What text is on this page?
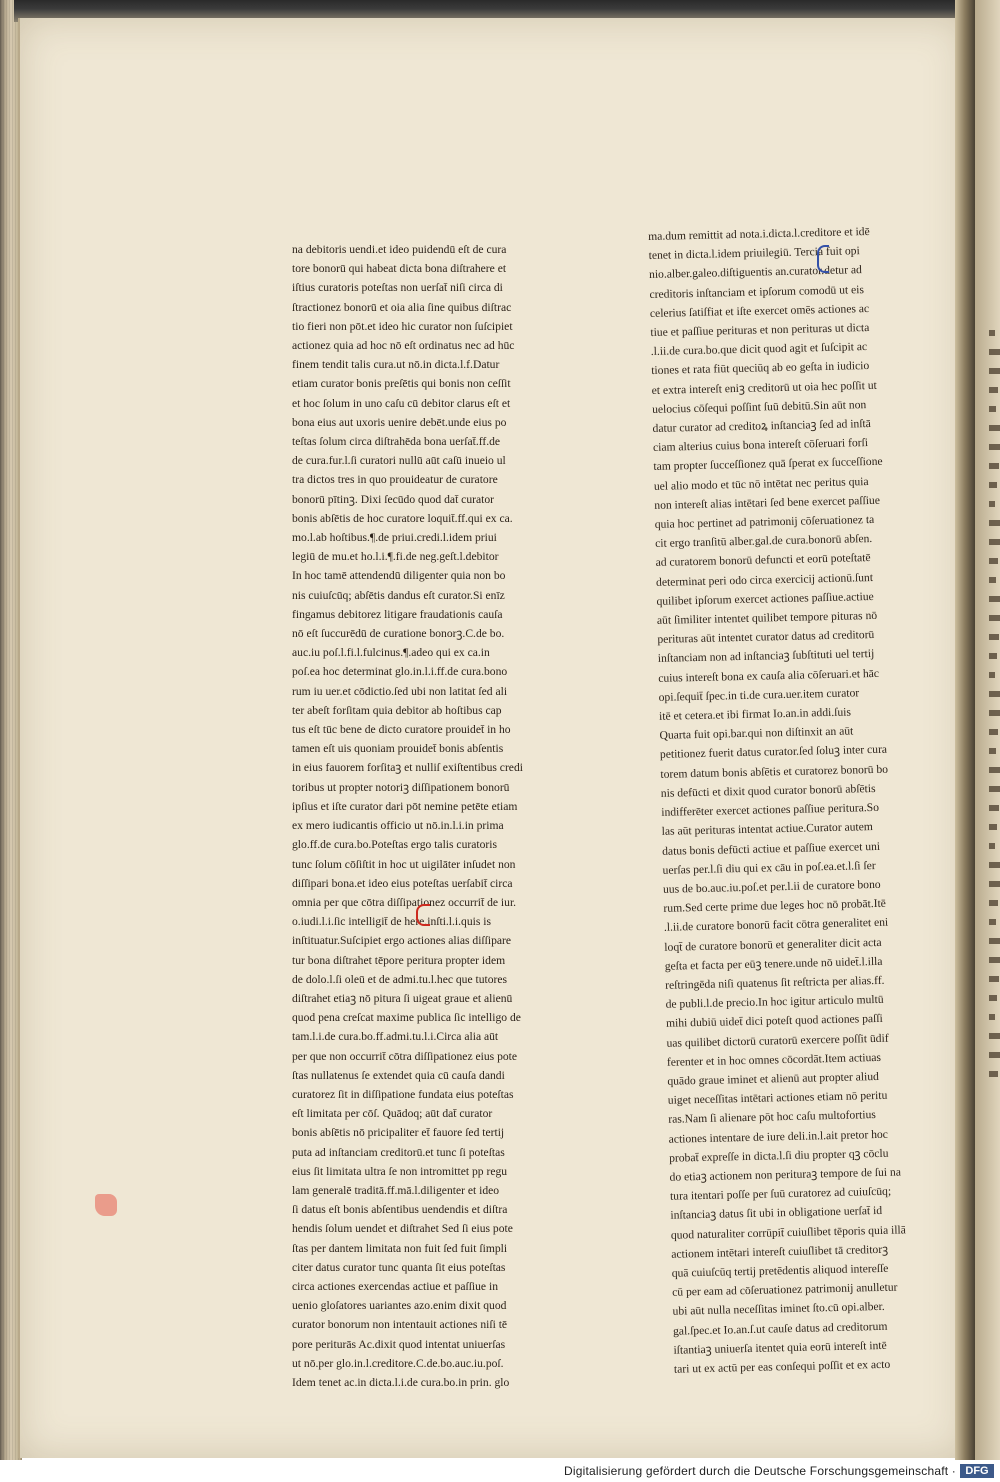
na debitoris uendi.et ideo puidendū eſt de cura
tore bonorū qui habeat dicta bona diſtrahere et
iſtius curatoris poteſtas non uerſat̄ niſi circa di
ſtractionez bonorū et oia alia ſine quibus diſtrac
tio fieri non pōt.et ideo hic curator non ſuſcipiet
actionez quia ad hoc nō eſt ordinatus nec ad hūc
finem tendit talis cura.ut nō.in dicta.l.f.Datur
etiam curator bonis preſētis qui bonis non ceſſit
et hoc ſolum in uno caſu cū debitor clarus eſt et
bona eius aut uxoris uenire debēt.unde eius po
teſtas ſolum circa diſtrahēda bona uerſat̄.ff.de
de cura.fur.l.ſi curatori nullū aūt caſū inueio ul
tra dictos tres in quo prouideatur de curatore
bonorū pītinꝫ. Dixi ſecūdo quod dat̄ curator
bonis abſētis de hoc curatore loquit̄.ff.qui ex ca.
mo.l.ab hoſtibus.¶.de priui.credi.l.idem priui
legiū de mu.et ho.l.i.¶.fi.de neg.geſt.l.debitor
In hoc tamē attendendū diligenter quia non bo
nis cuiuſcūq; abſētis dandus eſt curator.Si enīz
fingamus debitorez litigare fraudationis cauſa
nō eſt ſuccurēdū de curatione bonorꝫ.C.de bo.
auc.iu poſ.l.fi.l.fulcinus.¶.adeo qui ex ca.in
poſ.ea hoc determinat glo.in.l.i.ff.de cura.bono
rum iu uer.et cōdictio.ſed ubi non latitat ſed ali
ter abeſt forſitam quia debitor ab hoſtibus cap
tus eſt tūc bene de dicto curatore prouidet̄ in ho
tamen eſt uis quoniam prouidet̄ bonis abſentis
in eius fauorem forſitaꝫ et nulliſ exiſtentibus credi
toribus ut propter notoriꝫ diſſipationem bonorū
ipſius et iſte curator dari pōt nemine petēte etiam
ex mero iudicantis officio ut nō.in.l.i.in prima
glo.ff.de cura.bo.Poteſtas ergo talis curatoris
tunc ſolum cōſiſtit in hoc ut uigilāter inſudet non
diſſipari bona.et ideo eius poteſtas uerſabit̄ circa
omnia per que cōtra diſſipationez occurrit̄ de iur.
o.iudi.l.i.ſic intelligit̄ de here.inſti.l.i.quis is
inſtituatur.Suſcipiet ergo actiones alias diſſipare
tur bona diſtrahet tēpore peritura propter idem
de dolo.l.ſi oleū et de admi.tu.l.hec que tutores
diſtrahet etiaꝫ nō pitura ſi uigeat graue et alienū
quod pena creſcat maxime publica ſic intelligo de
tam.l.i.de cura.bo.ff.admi.tu.l.i.Circa alia aūt
per que non occurrit̄ cōtra diſſipationez eius pote
ſtas nullatenus ſe extendet quia cū cauſa dandi
curatorez ſit in diſſipatione fundata eius poteſtas
eſt limitata per cōſ. Quādoq; aūt dat̄ curator
bonis abſētis nō pricipaliter et̄ fauore ſed tertij
puta ad inſtanciam creditorū.et tunc ſi poteſtas
eius ſit limitata ultra ſe non intromittet pp regu
lam generalē traditā.ff.mā.l.diligenter et ideo
ſi datus eſt bonis abſentibus uendendis et diſtra
hendis ſolum uendet et diſtrahet Sed ſi eius pote
ſtas per dantem limitata non fuit ſed fuit ſimpli
citer datus curator tunc quanta ſit eius poteſtas
circa actiones exercendas actiue et paſſiue in
uenio gloſatores uariantes azo.enim dixit quod
curator bonorum non intentauit actiones niſi tē
pore periturās Ac.dixit quod intentat uniuerſas
ut nō.per glo.in.l.creditore.C.de.bo.auc.iu.poſ.
Idem tenet ac.in dicta.l.i.de cura.bo.in prin. glo
ma.dum remittit ad nota.i.dicta.l.creditore et idē
tenet in dicta.l.idem priuilegiū. Tercia fuit opi
nio.alber.galeo.diſtiguentis an.curator.detur ad
creditoris inſtanciam et ipſorum comodū ut eis
celerius ſatiſfiat et iſte exercet omēs actiones ac
tiue et paſſiue perituras et non perituras ut dicta
.l.ii.de cura.bo.que dicit quod agit et ſuſcipit ac
tiones et rata fiūt queciūq ab eo geſta in iudicio
et extra intereſt eniꝫ creditorū ut oia hec poſſit ut
uelocius cōſequi poſſint ſuū debitū.Sin aūt non
datur curator ad creditoꝝ inſtanciaꝫ ſed ad inſtā
ciam alterius cuius bona intereſt cōſeruari forſi
tam propter ſucceſſionez quā ſperat ex ſucceſſione
uel alio modo et tūc nō intētat nec peritus quia
non intereſt alias intētari ſed bene exercet paſſiue
quia hoc pertinet ad patrimonij cōſeruationez ta
cit ergo tranſitū alber.gal.de cura.bonorū abſen.
ad curatorem bonorū defuncti et eorū poteſtatē
determinat peri odo circa exercicij actionū.ſunt
quilibet ipſorum exercet actiones paſſiue.actiue
aūt ſimiliter intentet quilibet tempore pituras nō
perituras aūt intentet curator datus ad creditorū
inſtanciam non ad inſtanciaꝫ ſubſtituti uel tertij
cuius intereſt bona ex cauſa alia cōſeruari.et hāc
opi.ſequit̄ ſpec.in ti.de cura.uer.item curator
itē et cetera.et ibi firmat Io.an.in addi.ſuis
Quarta fuit opi.bar.qui non diſtinxit an aūt
petitionez fuerit datus curator.ſed ſoluꝫ inter cura
torem datum bonis abſētis et curatorez bonorū bo
nis defūcti et dixit quod curator bonorū abſētis
indifferēter exercet actiones paſſiue peritura.So
las aūt perituras intentat actiue.Curator autem
datus bonis defūcti actiue et paſſiue exercet uni
uerſas per.l.ſi diu qui ex cāu in poſ.ea.et.l.ſi ſer
uus de bo.auc.iu.poſ.et per.l.ii de curatore bono
rum.Sed certe prime due leges hoc nō probāt.Itē
.l.ii.de curatore bonorū facit cōtra generalitet eni
loqt̄ de curatore bonorū et generaliter dicit acta
geſta et facta per eūꝫ tenere.unde nō uidet̄.l.illa
reſtringēda niſi quatenus ſit reſtricta per alias.ff.
de publi.l.de precio.In hoc igitur articulo multū
mihi dubiū uidet̄ dici poteſt quod actiones paſſi
uas quilibet dictorū curatorū exercere poſſit ūdif
ferenter et in hoc omnes cōcordāt.Item actiuas
quādo graue iminet et alienū aut propter aliud
uiget neceſſitas intētari actiones etiam nō peritu
ras.Nam ſi alienare pōt hoc caſu multofortius
actiones intentare de iure deli.in.l.ait pretor hoc
probat̄ expreſſe in dicta.l.ſi diu propter qꝫ cōclu
do etiaꝫ actionem non perituraꝫ tempore de ſui na
tura itentari poſſe per ſuū curatorez ad cuiuſcūq;
inſtanciaꝫ datus ſit ubi in obligatione uerſat̄ id
quod naturaliter corrūpit̄ cuiuſlibet tēporis quia illā
actionem intētari intereſt cuiuſlibet tā creditorꝫ
quā cuiuſcūq tertij pretēdentis aliquod intereſſe
cū per eam ad cōſeruationez patrimonij anulletur
ubi aūt nulla neceſſitas iminet ſto.cū opi.alber.
gal.ſpec.et Io.an.ſ.ut cauſe datus ad creditorum
iſtantiaꝫ uniuerſa itentet quia eorū intereſt intē
tari ut ex actū per eas conſequi poſſit et ex acto
Digitalisierung gefördert durch die Deutsche Forschungsgemeinschaft · DFG
